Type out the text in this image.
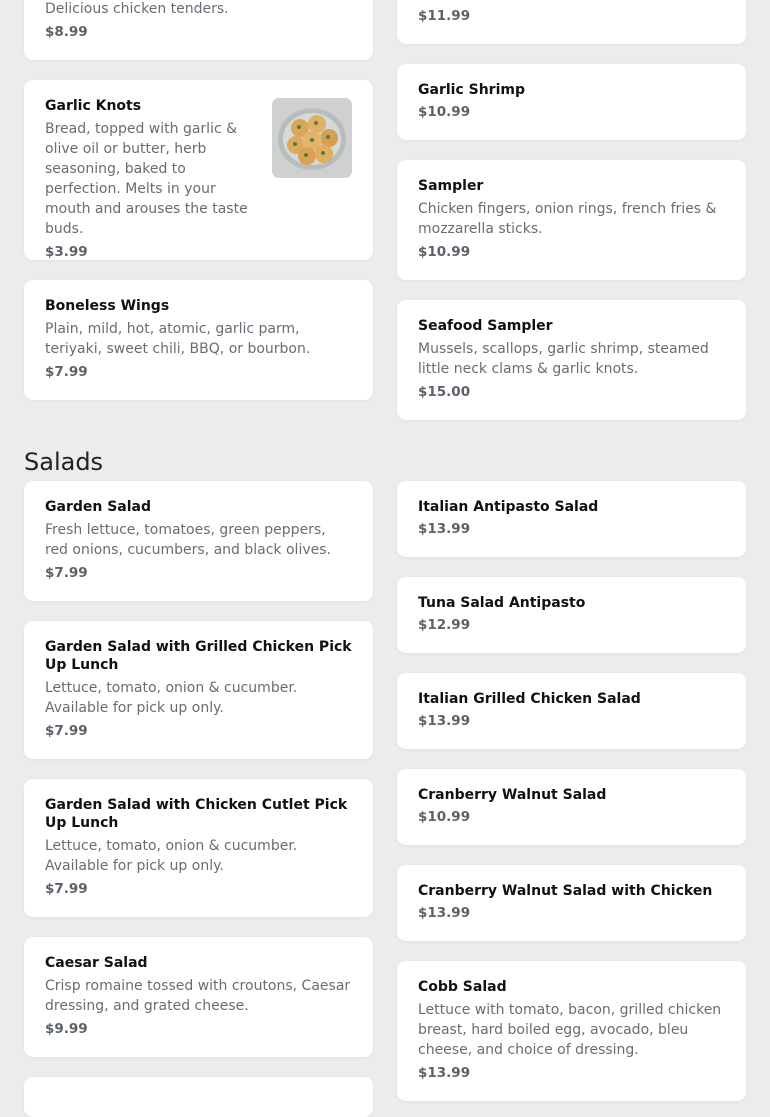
Delicious chicken tenders.
$8.99
Garlic Knots
Bread, topped with garlic & olive oil or butter, herb seasoning, baked to perfection. Melts in your mouth and arouses the taste buds.
$3.99
Boneless Wings
Plain, mild, hot, atomic, garlic parm, teriyaki, sweet chili, BBQ, or bourbon.
$7.99
$11.99
Garlic Shrimp
$10.99
Sampler
Chicken fingers, onion rings, french fries & mozzarella sticks.
$10.99
Seafood Sampler
Mussels, scallops, garlic shrimp, steamed little neck clams & garlic knots.
$15.00
Salads
Garden Salad
Fresh lettuce, tomatoes, green peppers, red onions, cucumbers, and black olives.
$7.99
Garden Salad with Grilled Chicken Pick Up Lunch
Lettuce, tomato, onion & cucumber. Available for pick up only.
$7.99
Garden Salad with Chicken Cutlet Pick Up Lunch
Lettuce, tomato, onion & cucumber. Available for pick up only.
$7.99
Caesar Salad
Crisp romaine tossed with croutons, Caesar dressing, and grated cheese.
$9.99
Italian Antipasto Salad
$13.99
Tuna Salad Antipasto
$12.99
Italian Grilled Chicken Salad
$13.99
Cranberry Walnut Salad
$10.99
Cranberry Walnut Salad with Chicken
$13.99
Cobb Salad
Lettuce with tomato, bacon, grilled chicken breast, hard boiled egg, avocado, bleu cheese, and choice of dressing.
$13.99
